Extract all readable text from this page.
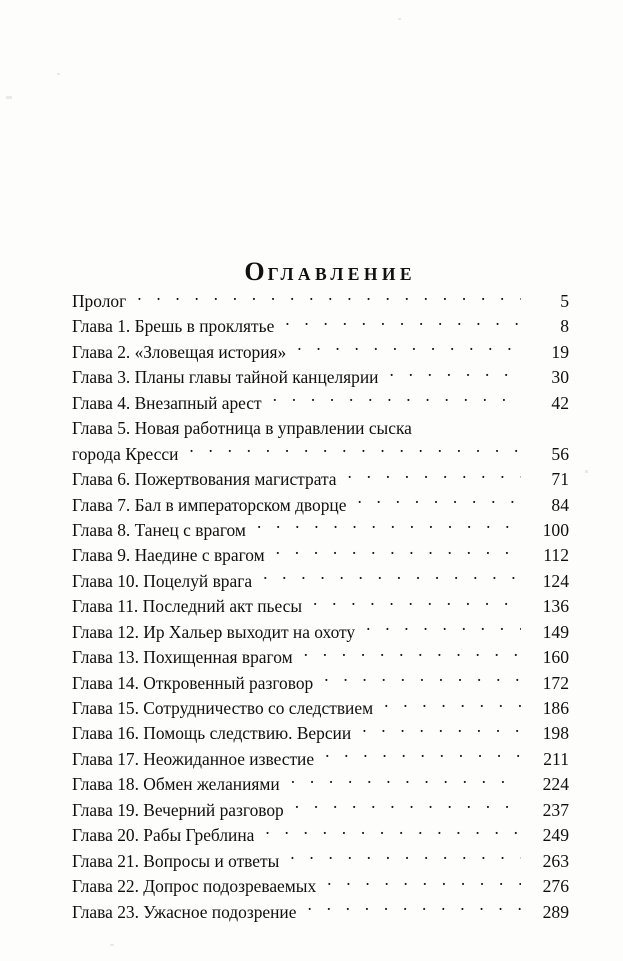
ОГЛАВЛЕНИЕ

Пролог . . .	5
Глава 1. Брешь в проклятье . . .	8
Глава 2. «Зловещая история» . . .	19
Глава 3. Планы главы тайной канцелярии . . .	30
Глава 4. Внезапный арест . . .	42
Глава 5. Новая работница в управлении сыска
города Кресси . . .	56
Глава 6. Пожертвования магистрата . . .	71
Глава 7. Бал в императорском дворце . . .	84
Глава 8. Танец с врагом . . .	100
Глава 9. Наедине с врагом . . .	112
Глава 10. Поцелуй врага . . .	124
Глава 11. Последний акт пьесы . . .	136
Глава 12. Ир Хальер выходит на охоту . . .	149
Глава 13. Похищенная врагом . . .	160
Глава 14. Откровенный разговор . . .	172
Глава 15. Сотрудничество со следствием . . .	186
Глава 16. Помощь следствию. Версии . . .	198
Глава 17. Неожиданное известие . . .	211
Глава 18. Обмен желаниями . . .	224
Глава 19. Вечерний разговор . . .	237
Глава 20. Рабы Греблина . . .	249
Глава 21. Вопросы и ответы . . .	263
Глава 22. Допрос подозреваемых . . .	276
Глава 23. Ужасное подозрение . . .	289
